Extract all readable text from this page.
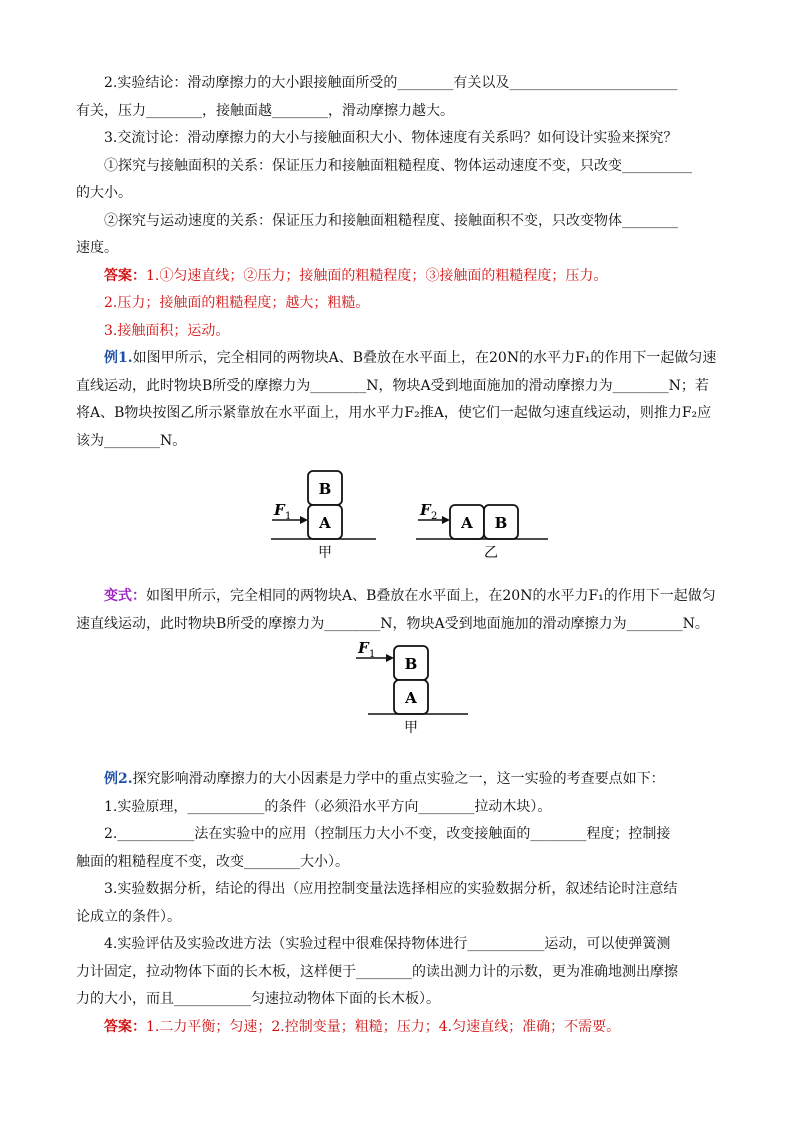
2.实验结论：滑动摩擦力的大小跟接触面所受的________有关以及________________________

有关，压力________，接触面越________，滑动摩擦力越大。

3.交流讨论：滑动摩擦力的大小与接触面积大小、物体速度有关系吗？如何设计实验来探究？

①探究与接触面积的关系：保证压力和接触面粗糙程度、物体运动速度不变，只改变__________

的大小。

②探究与运动速度的关系：保证压力和接触面粗糙程度、接触面积不变，只改变物体________

速度。

答案：1.①匀速直线；②压力；接触面的粗糙程度；③接触面的粗糙程度；压力。

2.压力；接触面的粗糙程度；越大；粗糙。

3.接触面积；运动。

例1.如图甲所示，完全相同的两物块A、B叠放在水平面上，在20N的水平力F₁的作用下一起做匀速

直线运动，此时物块B所受的摩擦力为________N，物块A受到地面施加的滑动摩擦力为________N；若

将A、B物块按图乙所示紧靠放在水平面上，用水平力F₂推A，使它们一起做匀速直线运动，则推力F₂应

该为________N。

B
A
F 1
甲
A B
F 2
乙

变式：如图甲所示，完全相同的两物块A、B叠放在水平面上，在20N的水平力F₁的作用下一起做匀

速直线运动，此时物块B所受的摩擦力为________N，物块A受到地面施加的滑动摩擦力为________N。

B
A
F 1
甲

例2.探究影响滑动摩擦力的大小因素是力学中的重点实验之一，这一实验的考查要点如下：

1.实验原理，___________的条件（必须沿水平方向________拉动木块）。

2.___________法在实验中的应用（控制压力大小不变，改变接触面的________程度；控制接

触面的粗糙程度不变，改变________大小）。

3.实验数据分析，结论的得出（应用控制变量法选择相应的实验数据分析，叙述结论时注意结

论成立的条件）。

4.实验评估及实验改进方法（实验过程中很难保持物体进行___________运动，可以使弹簧测

力计固定，拉动物体下面的长木板，这样便于________的读出测力计的示数，更为准确地测出摩擦

力的大小，而且___________匀速拉动物体下面的长木板）。

答案：1.二力平衡；匀速；2.控制变量；粗糙；压力；4.匀速直线；准确；不需要。
